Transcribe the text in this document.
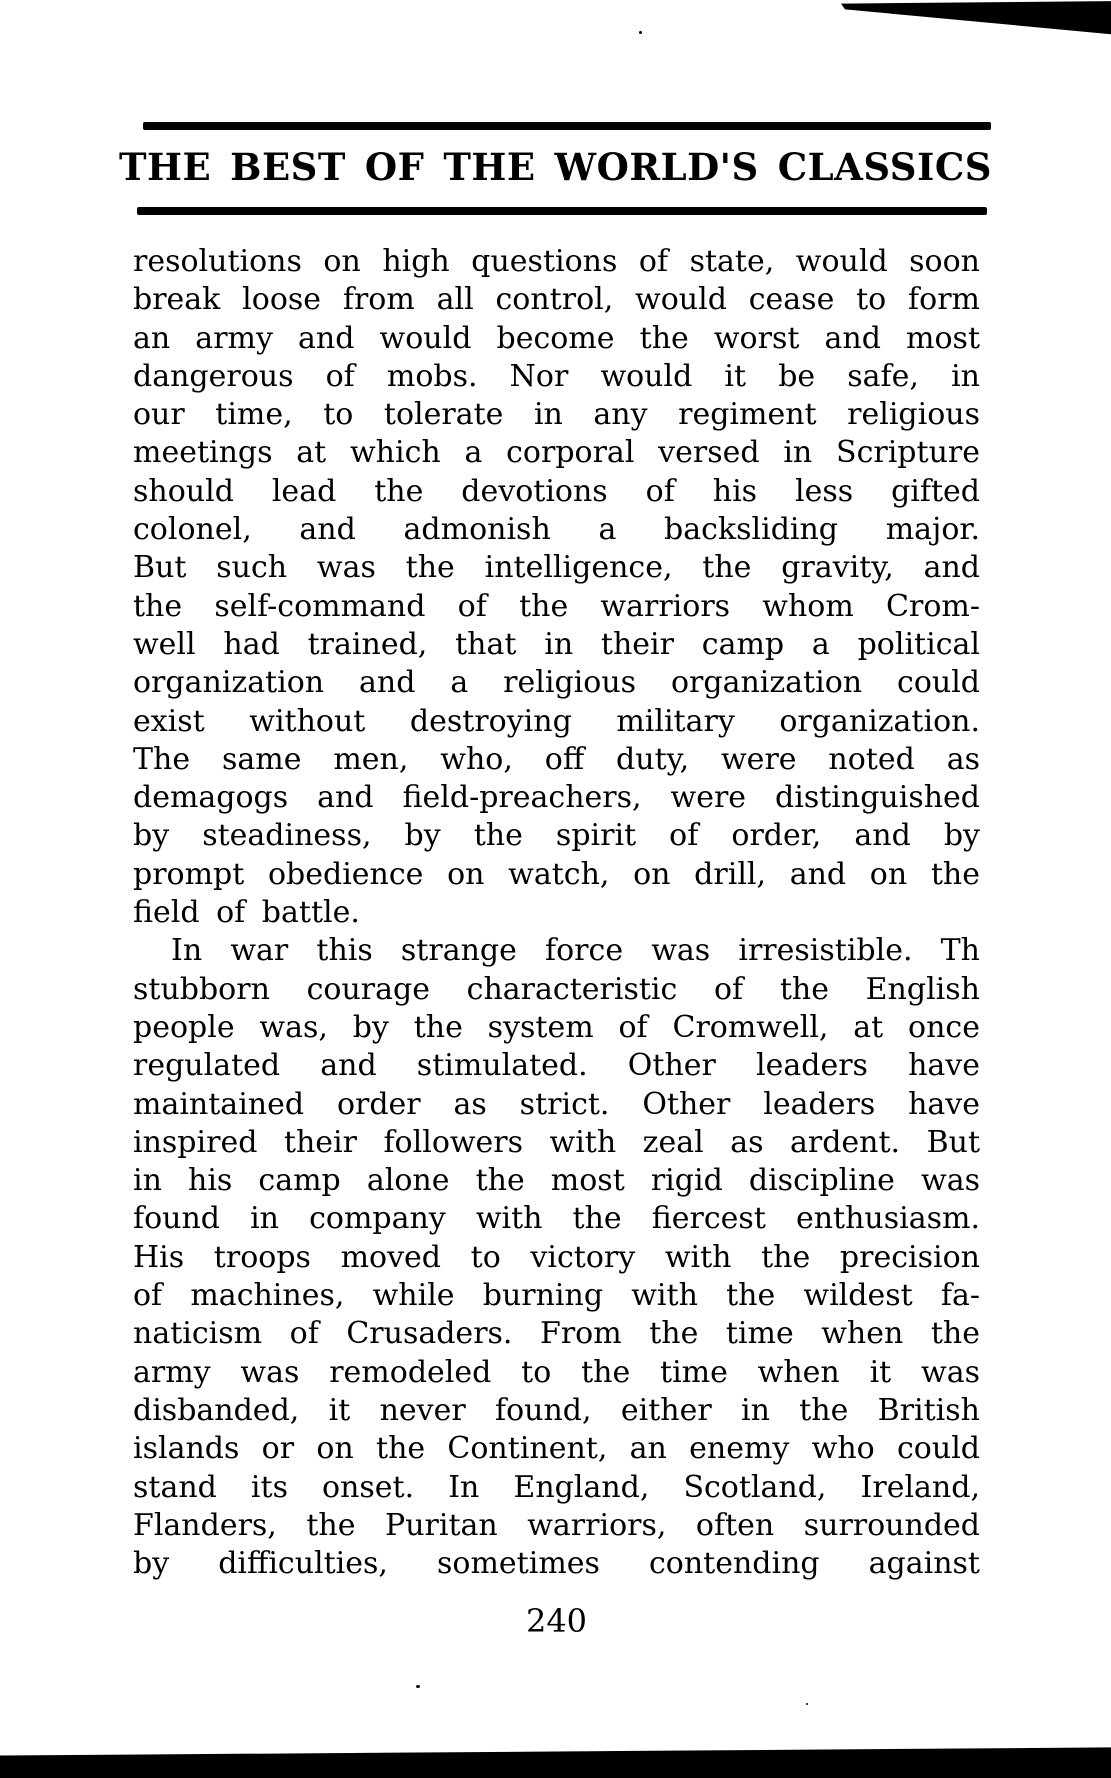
THE BEST OF THE WORLD'S CLASSICS
resolutions on high questions of state, would soon
break loose from all control, would cease to form
an army and would become the worst and most
dangerous of mobs. Nor would it be safe, in
our time, to tolerate in any regiment religious
meetings at which a corporal versed in Scripture
should lead the devotions of his less gifted
colonel, and admonish a backsliding major.
But such was the intelligence, the gravity, and
the self-command of the warriors whom Crom-
well had trained, that in their camp a political
organization and a religious organization could
exist without destroying military organization.
The same men, who, off duty, were noted as
demagogs and field-preachers, were distinguished
by steadiness, by the spirit of order, and by
prompt obedience on watch, on drill, and on the
field of battle.
In war this strange force was irresistible. Th
stubborn courage characteristic of the English
people was, by the system of Cromwell, at once
regulated and stimulated. Other leaders have
maintained order as strict. Other leaders have
inspired their followers with zeal as ardent. But
in his camp alone the most rigid discipline was
found in company with the fiercest enthusiasm.
His troops moved to victory with the precision
of machines, while burning with the wildest fa-
naticism of Crusaders. From the time when the
army was remodeled to the time when it was
disbanded, it never found, either in the British
islands or on the Continent, an enemy who could
stand its onset. In England, Scotland, Ireland,
Flanders, the Puritan warriors, often surrounded
by difficulties, sometimes contending against
240
